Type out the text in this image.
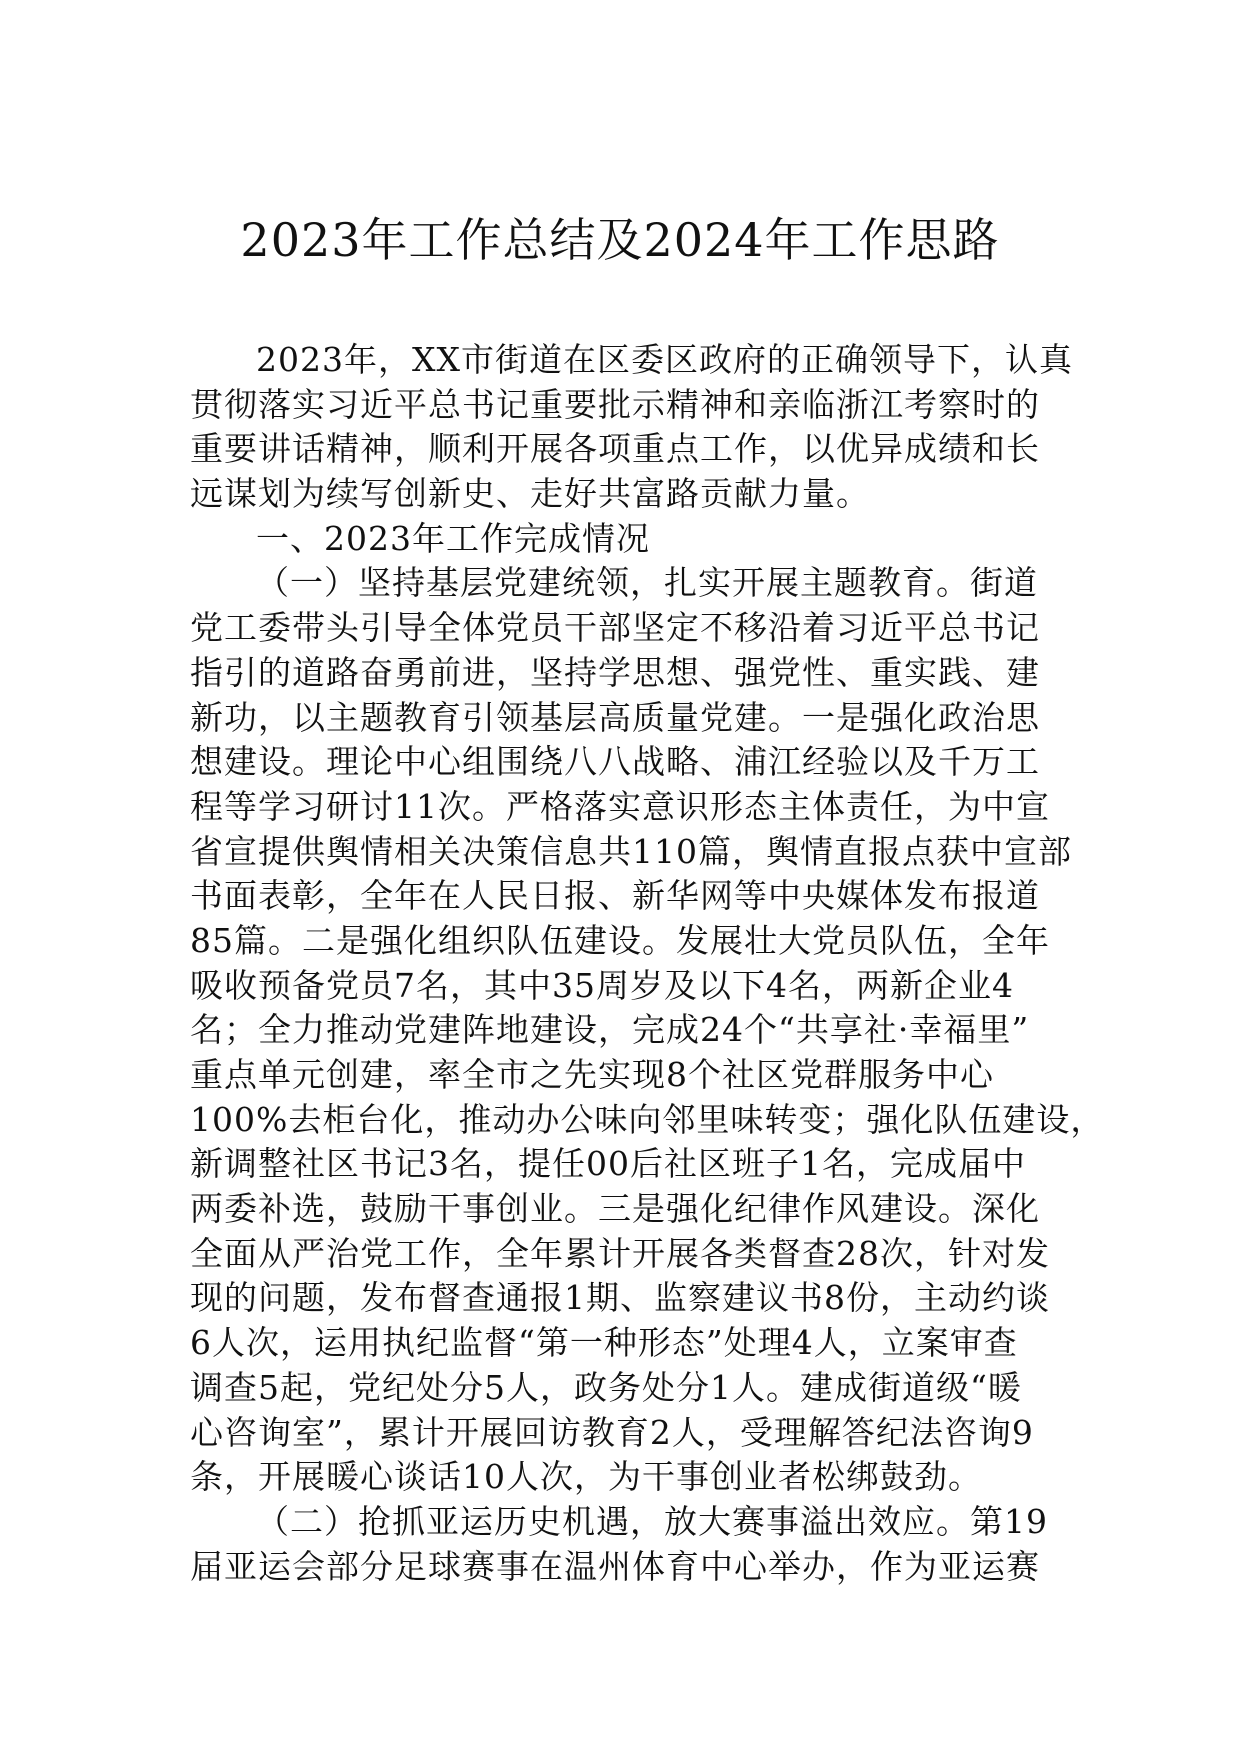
2023年工作总结及2024年工作思路

2023年，XX市街道在区委区政府的正确领导下，认真

贯彻落实习近平总书记重要批示精神和亲临浙江考察时的

重要讲话精神，顺利开展各项重点工作，以优异成绩和长

远谋划为续写创新史、走好共富路贡献力量。

一、2023年工作完成情况

（一）坚持基层党建统领，扎实开展主题教育。街道

党工委带头引导全体党员干部坚定不移沿着习近平总书记

指引的道路奋勇前进，坚持学思想、强党性、重实践、建

新功，以主题教育引领基层高质量党建。一是强化政治思

想建设。理论中心组围绕八八战略、浦江经验以及千万工

程等学习研讨11次。严格落实意识形态主体责任，为中宣

省宣提供舆情相关决策信息共110篇，舆情直报点获中宣部

书面表彰，全年在人民日报、新华网等中央媒体发布报道

85篇。二是强化组织队伍建设。发展壮大党员队伍，全年

吸收预备党员7名，其中35周岁及以下4名，两新企业4

名；全力推动党建阵地建设，完成24个“共享社·幸福里”

重点单元创建，率全市之先实现8个社区党群服务中心

100%去柜台化，推动办公味向邻里味转变；强化队伍建设，

新调整社区书记3名，提任00后社区班子1名，完成届中

两委补选，鼓励干事创业。三是强化纪律作风建设。深化

全面从严治党工作，全年累计开展各类督查28次，针对发

现的问题，发布督查通报1期、监察建议书8份，主动约谈

6人次，运用执纪监督“第一种形态”处理4人，立案审查

调查5起，党纪处分5人，政务处分1人。建成街道级“暖

心咨询室”，累计开展回访教育2人，受理解答纪法咨询9

条，开展暖心谈话10人次，为干事创业者松绑鼓劲。

（二）抢抓亚运历史机遇，放大赛事溢出效应。第19

届亚运会部分足球赛事在温州体育中心举办，作为亚运赛
